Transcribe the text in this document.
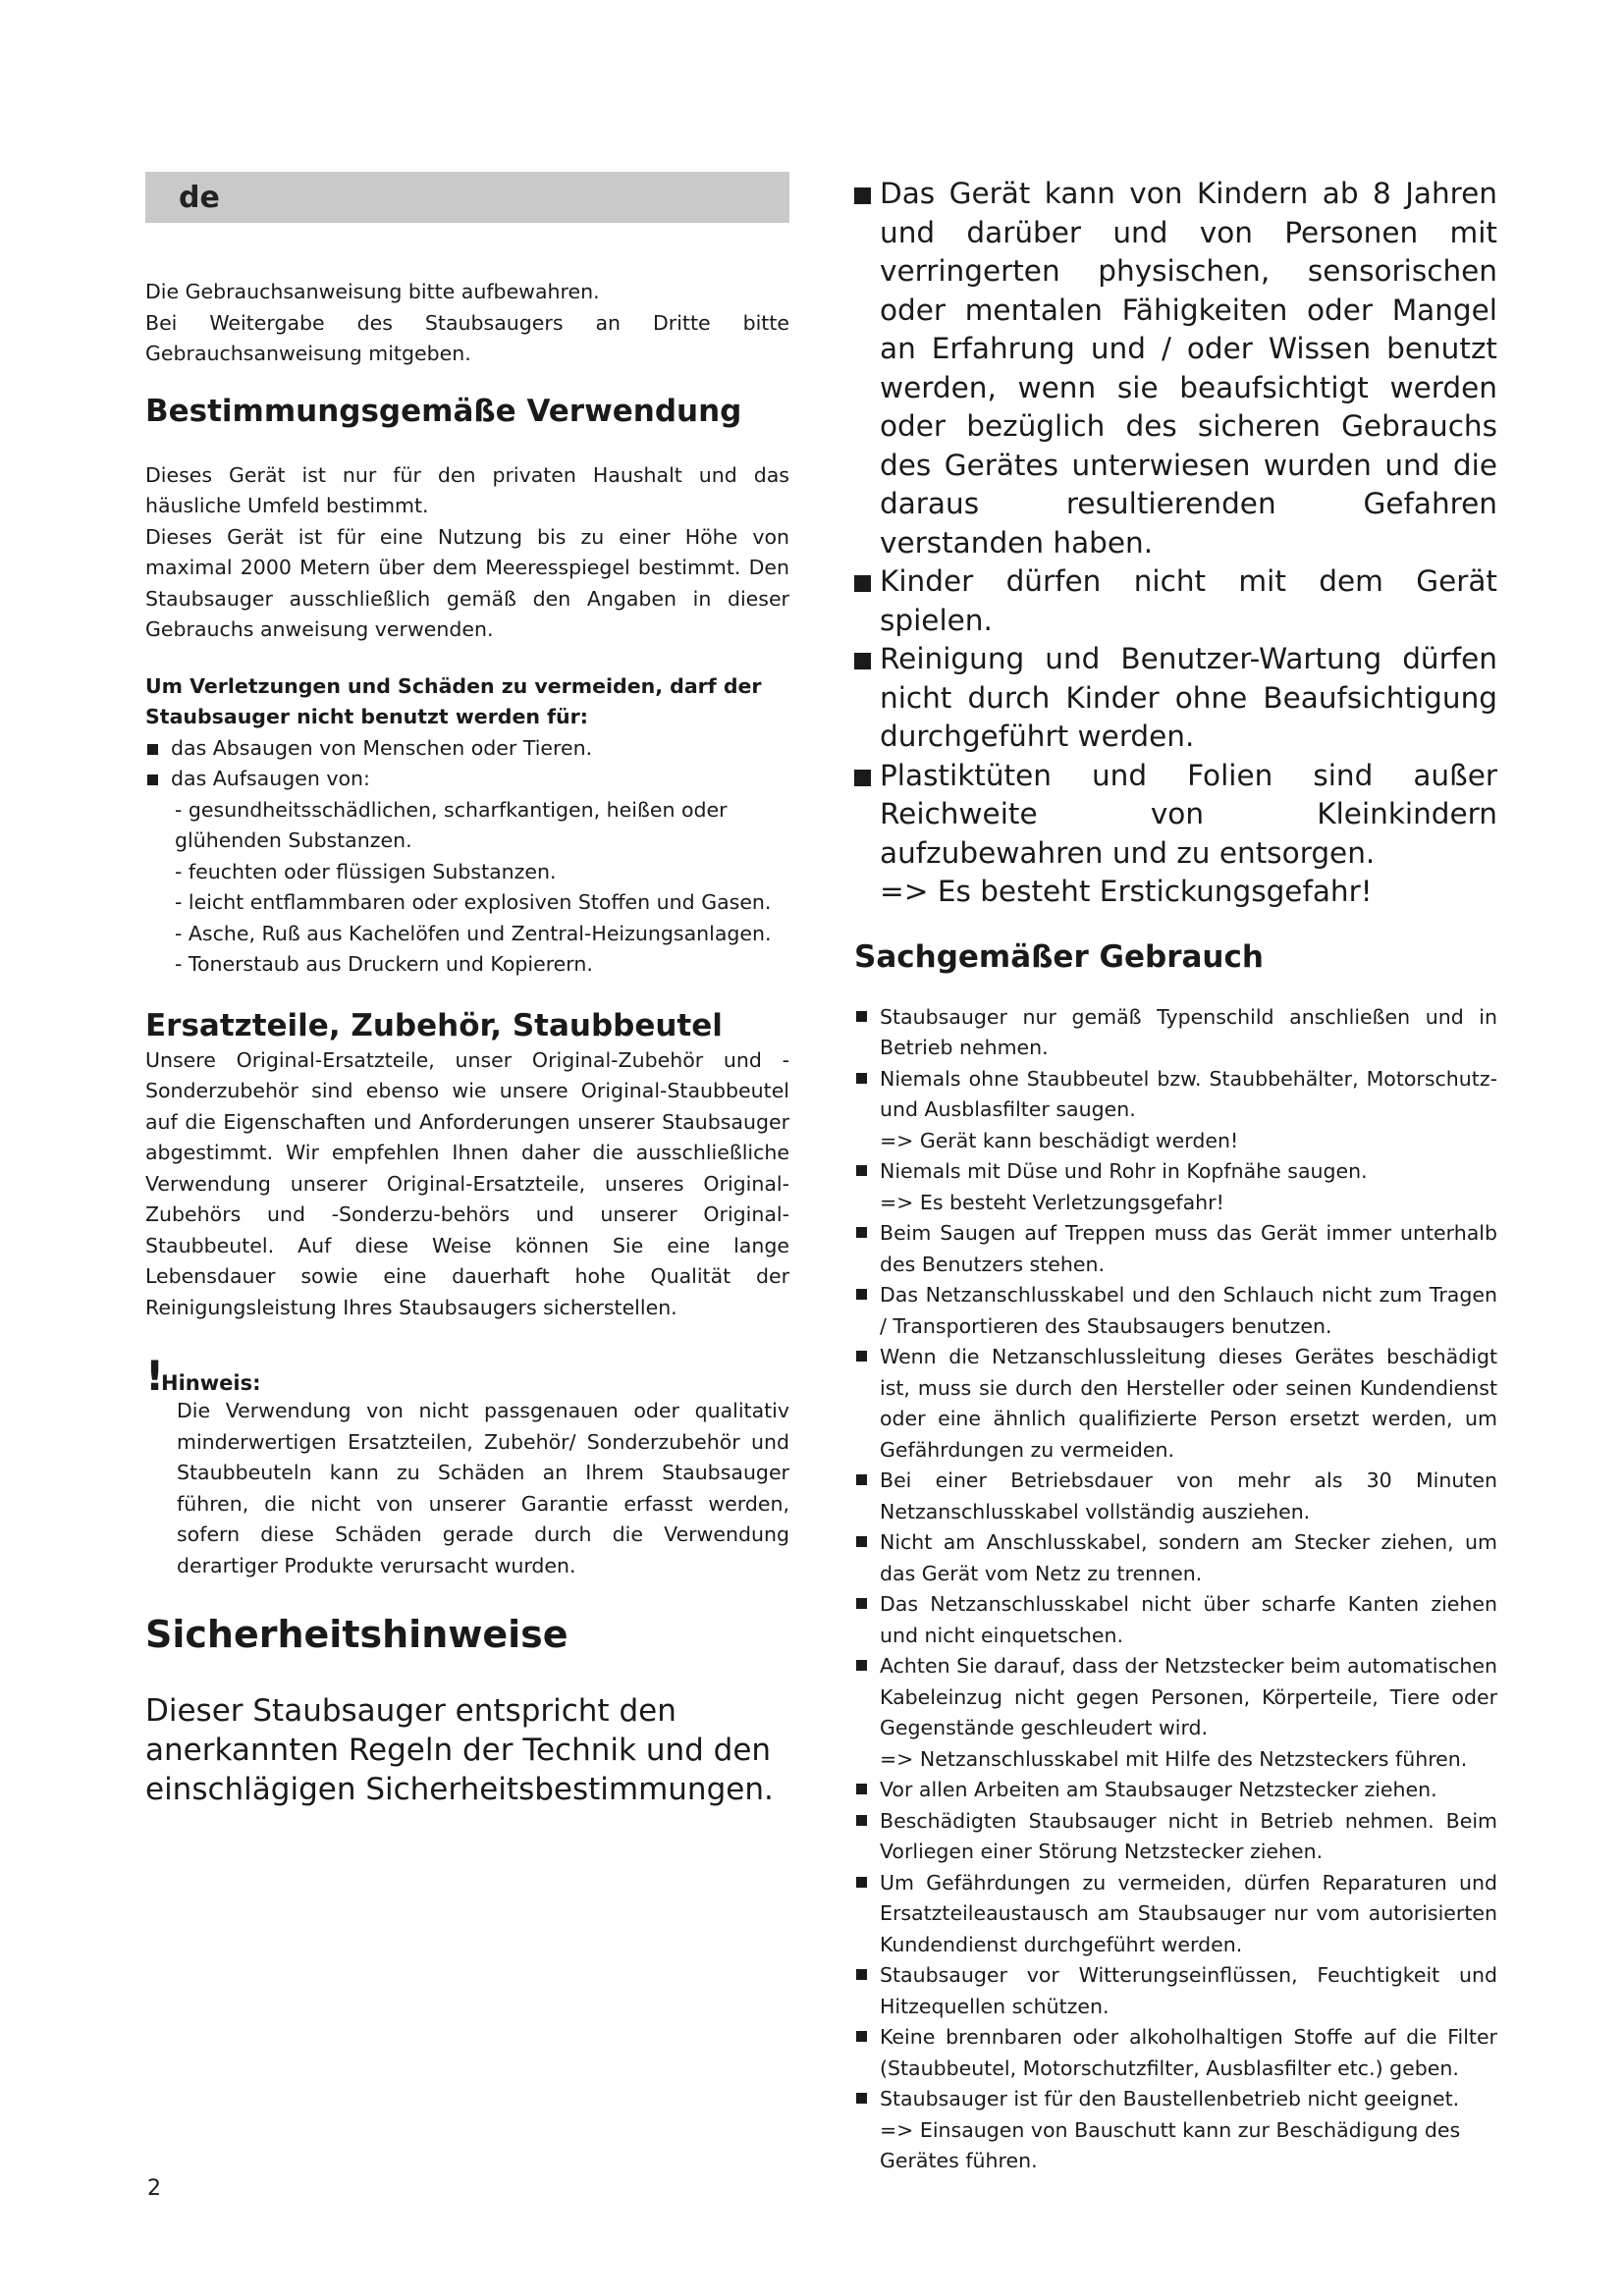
de

Die Gebrauchsanweisung bitte aufbewahren.

Bei Weitergabe des Staubsaugers an Dritte bitte Gebrauchsanweisung mitgeben.

Bestimmungsgemäße Verwendung

Dieses Gerät ist nur für den privaten Haushalt und das häusliche Umfeld bestimmt.

Dieses Gerät ist für eine Nutzung bis zu einer Höhe von maximal 2000 Metern über dem Meeresspiegel bestimmt. Den Staubsauger ausschließlich gemäß den Angaben in dieser Gebrauchs anweisung verwenden.

Um Verletzungen und Schäden zu vermeiden, darf der Staubsauger nicht benutzt werden für:

das Absaugen von Menschen oder Tieren.
das Aufsaugen von:
- gesundheitsschädlichen, scharfkantigen, heißen oder glühenden Substanzen.
- feuchten oder flüssigen Substanzen.
- leicht entflammbaren oder explosiven Stoffen und Gasen.
- Asche, Ruß aus Kachelöfen und Zentral-Heizungsanlagen.
- Tonerstaub aus Druckern und Kopierern.
Ersatzteile, Zubehör, Staubbeutel

Unsere Original-Ersatzteile, unser Original-Zubehör und -Sonderzubehör sind ebenso wie unsere Original-Staubbeutel auf die Eigenschaften und Anforderungen unserer Staubsauger abgestimmt. Wir empfehlen Ihnen daher die ausschließliche Verwendung unserer Original-Ersatzteile, unseres Original-Zubehörs und -Sonderzu-behörs und unserer Original-Staubbeutel. Auf diese Weise können Sie eine lange Lebensdauer sowie eine dauerhaft hohe Qualität der Reinigungsleistung Ihres Staubsaugers sicherstellen.

!
Hinweis:

Die Verwendung von nicht passgenauen oder qualitativ minderwertigen Ersatzteilen, Zubehör/ Sonderzubehör und Staubbeuteln kann zu Schäden an Ihrem Staubsauger führen, die nicht von unserer Garantie erfasst werden, sofern diese Schäden gerade durch die Verwendung derartiger Produkte verursacht wurden.

Sicherheitshinweise

Dieser Staubsauger entspricht den anerkannten Regeln der Technik und den einschlägigen Sicherheitsbestimmungen.

Das Gerät kann von Kindern ab 8 Jahren und darüber und von Personen mit verringerten physischen, sensorischen oder mentalen Fähigkeiten oder Mangel an Erfahrung und / oder Wissen benutzt werden, wenn sie beaufsichtigt werden oder bezüglich des sicheren Gebrauchs des Gerätes unterwiesen wurden und die daraus resultierenden Gefahren verstanden haben.
Kinder dürfen nicht mit dem Gerät spielen.
Reinigung und Benutzer-Wartung dürfen nicht durch Kinder ohne Beaufsichtigung durchgeführt werden.
Plastiktüten und Folien sind außer Reichweite von Kleinkindern aufzubewahren und zu entsorgen.

=> Es besteht Erstickungsgefahr!

Sachgemäßer Gebrauch
Staubsauger nur gemäß Typenschild anschließen und in Betrieb nehmen.
Niemals ohne Staubbeutel bzw. Staubbehälter, Motorschutz- und Ausblasfilter saugen.
=> Gerät kann beschädigt werden!
Niemals mit Düse und Rohr in Kopfnähe saugen.
=> Es besteht Verletzungsgefahr!
Beim Saugen auf Treppen muss das Gerät immer unterhalb des Benutzers stehen.
Das Netzanschlusskabel und den Schlauch nicht zum Tragen / Transportieren des Staubsaugers benutzen.
Wenn die Netzanschlussleitung dieses Gerätes beschädigt ist, muss sie durch den Hersteller oder seinen Kundendienst oder eine ähnlich qualifizierte Person ersetzt werden, um Gefährdungen zu vermeiden.
Bei einer Betriebsdauer von mehr als 30 Minuten Netzanschlusskabel vollständig ausziehen.
Nicht am Anschlusskabel, sondern am Stecker ziehen, um das Gerät vom Netz zu trennen.
Das Netzanschlusskabel nicht über scharfe Kanten ziehen und nicht einquetschen.
Achten Sie darauf, dass der Netzstecker beim automatischen Kabeleinzug nicht gegen Personen, Körperteile, Tiere oder Gegenstände geschleudert wird.
=> Netzanschlusskabel mit Hilfe des Netzsteckers führen.
Vor allen Arbeiten am Staubsauger Netzstecker ziehen.
Beschädigten Staubsauger nicht in Betrieb nehmen. Beim Vorliegen einer Störung Netzstecker ziehen.
Um Gefährdungen zu vermeiden, dürfen Reparaturen und Ersatzteileaustausch am Staubsauger nur vom autorisierten Kundendienst durchgeführt werden.
Staubsauger vor Witterungseinflüssen, Feuchtigkeit und Hitzequellen schützen.
Keine brennbaren oder alkoholhaltigen Stoffe auf die Filter (Staubbeutel, Motorschutzfilter, Ausblasfilter etc.) geben.
Staubsauger ist für den Baustellenbetrieb nicht geeignet.
=> Einsaugen von Bauschutt kann zur Beschädigung des Gerätes führen.
2
